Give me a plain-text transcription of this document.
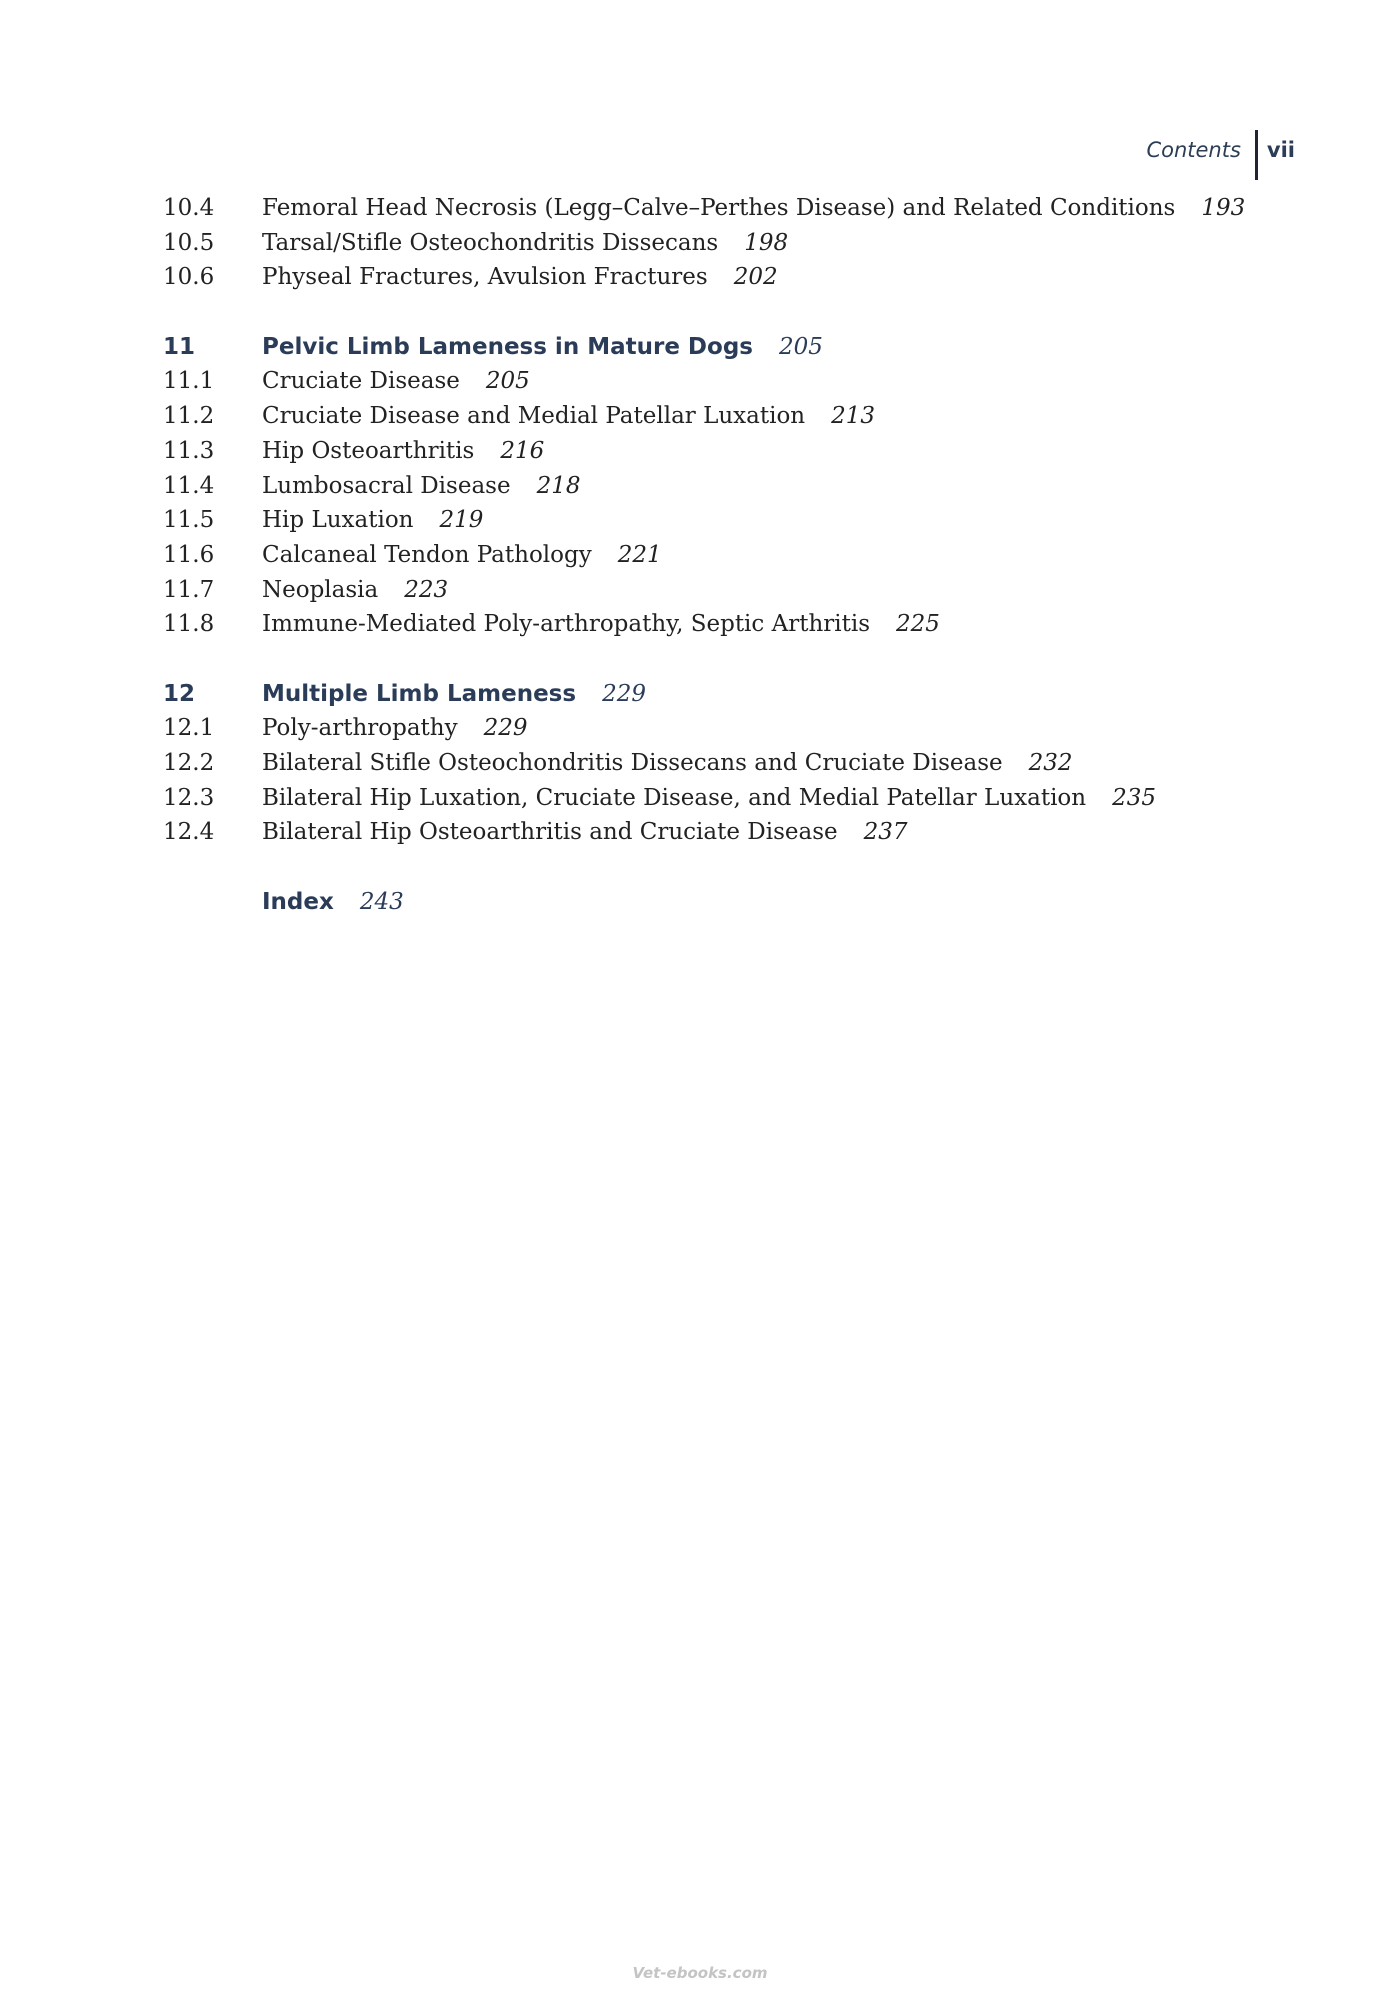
Contents	vii
10.4	Femoral Head Necrosis (Legg–Calve–Perthes Disease) and Related Conditions 193
10.5	Tarsal/Stifle Osteochondritis Dissecans 198
10.6	Physeal Fractures, Avulsion Fractures 202
11	Pelvic Limb Lameness in Mature Dogs 205
11.1	Cruciate Disease 205
11.2	Cruciate Disease and Medial Patellar Luxation 213
11.3	Hip Osteoarthritis 216
11.4	Lumbosacral Disease 218
11.5	Hip Luxation 219
11.6	Calcaneal Tendon Pathology 221
11.7	Neoplasia 223
11.8	Immune-Mediated Poly-arthropathy, Septic Arthritis 225
12	Multiple Limb Lameness 229
12.1	Poly-arthropathy 229
12.2	Bilateral Stifle Osteochondritis Dissecans and Cruciate Disease 232
12.3	Bilateral Hip Luxation, Cruciate Disease, and Medial Patellar Luxation 235
12.4	Bilateral Hip Osteoarthritis and Cruciate Disease 237
Index 243
Vet-ebooks.com
